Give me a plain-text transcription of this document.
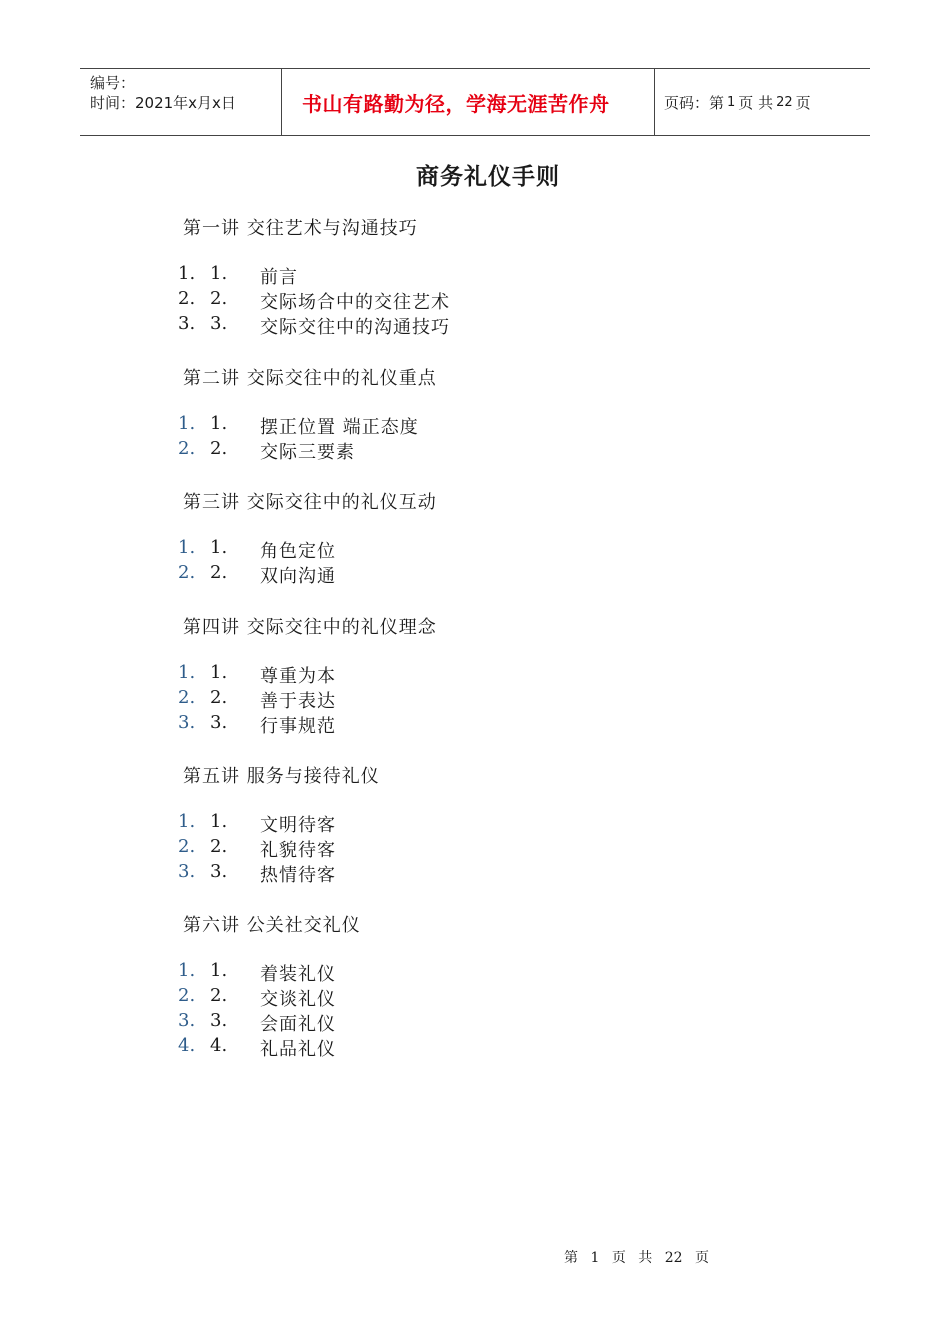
编号：
时间：2021年x月x日	书山有路勤为径，学海无涯苦作舟	页码：第 1 页 共 22 页
商务礼仪手则
第一讲 交往艺术与沟通技巧
1. 1. 前言
2. 2. 交际场合中的交往艺术
3. 3. 交际交往中的沟通技巧
第二讲 交际交往中的礼仪重点
1. 1. 摆正位置 端正态度
2. 2. 交际三要素
第三讲 交际交往中的礼仪互动
1. 1. 角色定位
2. 2. 双向沟通
第四讲 交际交往中的礼仪理念
1. 1. 尊重为本
2. 2. 善于表达
3. 3. 行事规范
第五讲 服务与接待礼仪
1. 1. 文明待客
2. 2. 礼貌待客
3. 3. 热情待客
第六讲 公关社交礼仪
1. 1. 着装礼仪
2. 2. 交谈礼仪
3. 3. 会面礼仪
4. 4. 礼品礼仪
第 1 页 共 22 页
